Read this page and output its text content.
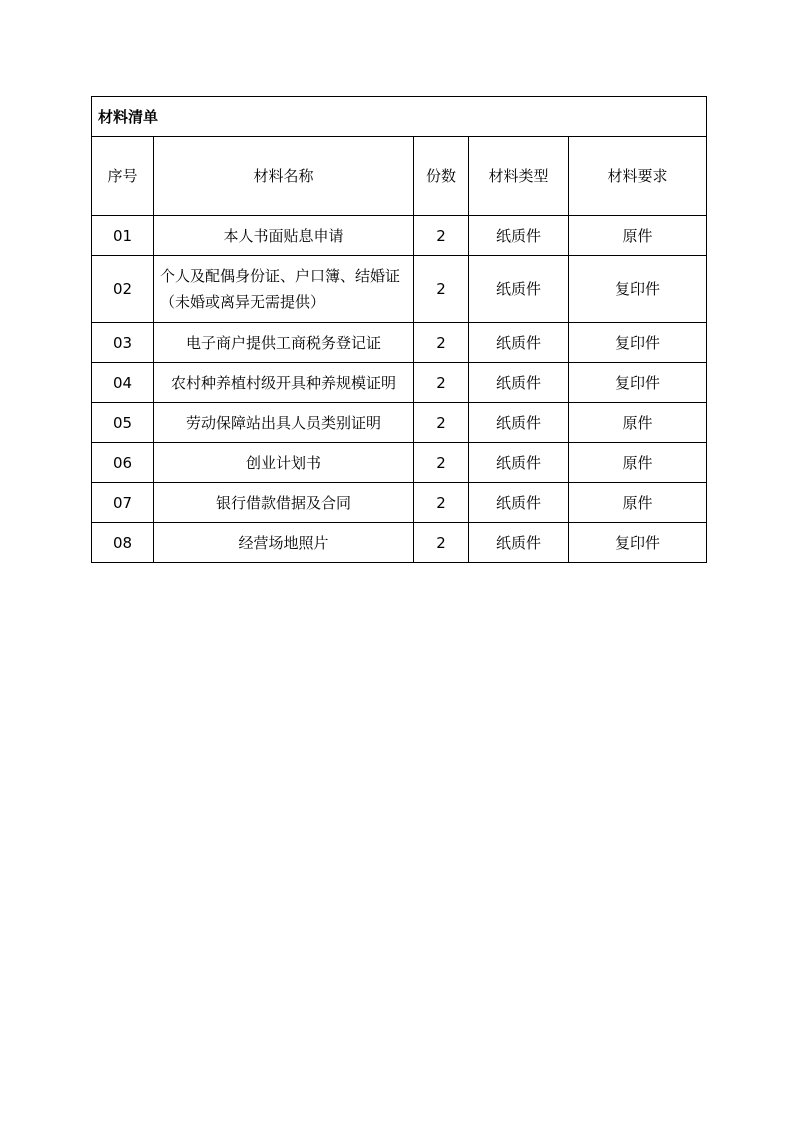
材料清单				
序号	材料名称	份数	材料类型	材料要求
01	本人书面贴息申请	2	纸质件	原件
02	个人及配偶身份证、户口簿、结婚证（未婚或离异无需提供）	2	纸质件	复印件
03	电子商户提供工商税务登记证	2	纸质件	复印件
04	农村种养植村级开具种养规模证明	2	纸质件	复印件
05	劳动保障站出具人员类别证明	2	纸质件	原件
06	创业计划书	2	纸质件	原件
07	银行借款借据及合同	2	纸质件	原件
08	经营场地照片	2	纸质件	复印件
